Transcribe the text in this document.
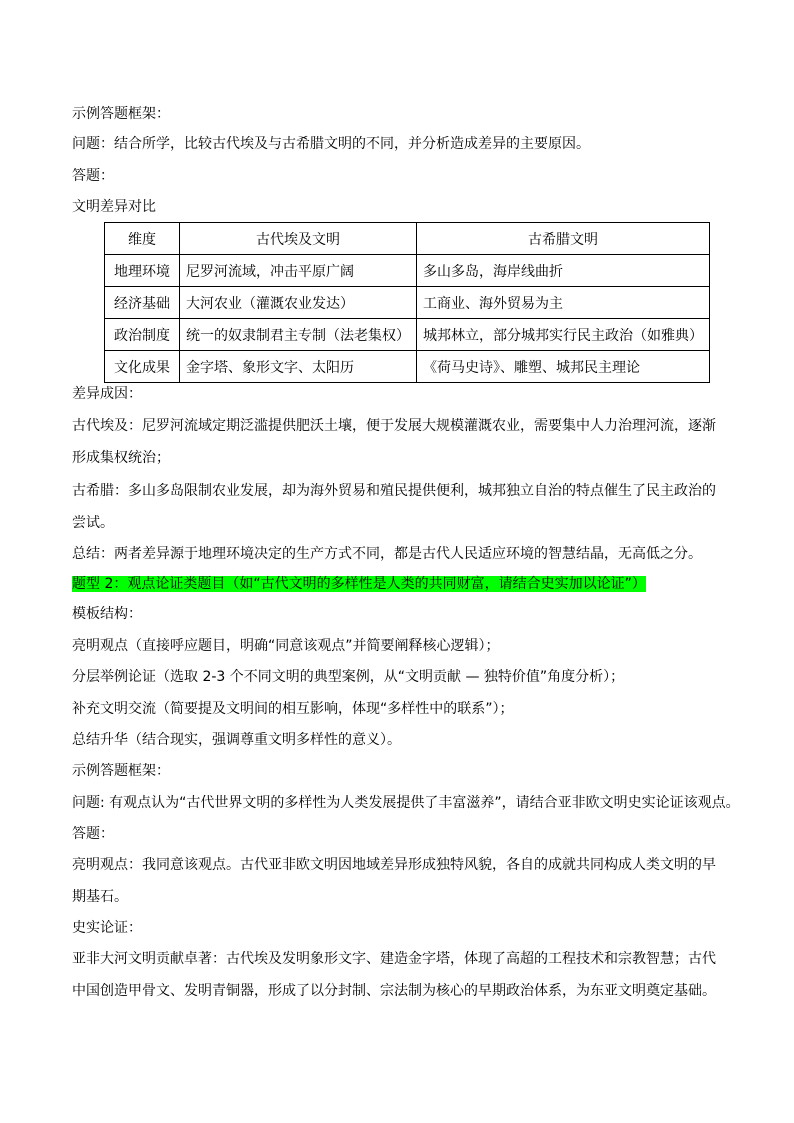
示例答题框架：
问题：结合所学，比较古代埃及与古希腊文明的不同，并分析造成差异的主要原因。
答题：
文明差异对比
维度	古代埃及文明	古希腊文明
地理环境	尼罗河流域，冲击平原广阔	多山多岛，海岸线曲折
经济基础	大河农业（灌溉农业发达）	工商业、海外贸易为主
政治制度	统一的奴隶制君主专制（法老集权）	城邦林立，部分城邦实行民主政治（如雅典）
文化成果	金字塔、象形文字、太阳历	《荷马史诗》、雕塑、城邦民主理论
差异成因：
古代埃及：尼罗河流域定期泛滥提供肥沃土壤，便于发展大规模灌溉农业，需要集中人力治理河流，逐渐形成集权统治；
古希腊：多山多岛限制农业发展，却为海外贸易和殖民提供便利，城邦独立自治的特点催生了民主政治的尝试。
总结：两者差异源于地理环境决定的生产方式不同，都是古代人民适应环境的智慧结晶，无高低之分。
题型 2：观点论证类题目（如“古代文明的多样性是人类的共同财富，请结合史实加以论证”）
模板结构：
亮明观点（直接呼应题目，明确“同意该观点”并简要阐释核心逻辑）；
分层举例论证（选取 2-3 个不同文明的典型案例，从“文明贡献 — 独特价值”角度分析）；
补充文明交流（简要提及文明间的相互影响，体现“多样性中的联系”）；
总结升华（结合现实，强调尊重文明多样性的意义）。
示例答题框架：
问题: 有观点认为“古代世界文明的多样性为人类发展提供了丰富滋养”，请结合亚非欧文明史实论证该观点。
答题：
亮明观点：我同意该观点。古代亚非欧文明因地域差异形成独特风貌，各自的成就共同构成人类文明的早期基石。
史实论证：
亚非大河文明贡献卓著：古代埃及发明象形文字、建造金字塔，体现了高超的工程技术和宗教智慧；古代中国创造甲骨文、发明青铜器，形成了以分封制、宗法制为核心的早期政治体系，为东亚文明奠定基础。
